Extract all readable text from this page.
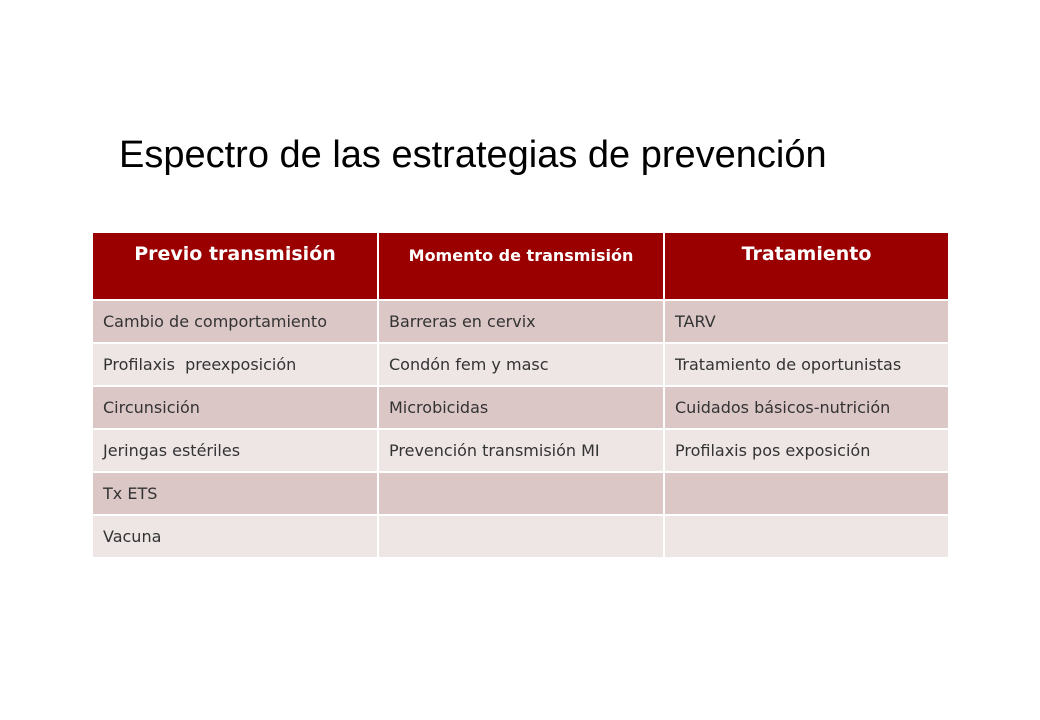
Espectro de las estrategias de prevención
Previo transmisión	Momento de transmisión	Tratamiento
Cambio de comportamiento	Barreras en cervix	TARV
Profilaxis  preexposición	Condón fem y masc	Tratamiento de oportunistas
Circunsición	Microbicidas	Cuidados básicos-nutrición
Jeringas estériles	Prevención transmisión MI	Profilaxis pos exposición
Tx ETS		
Vacuna		
